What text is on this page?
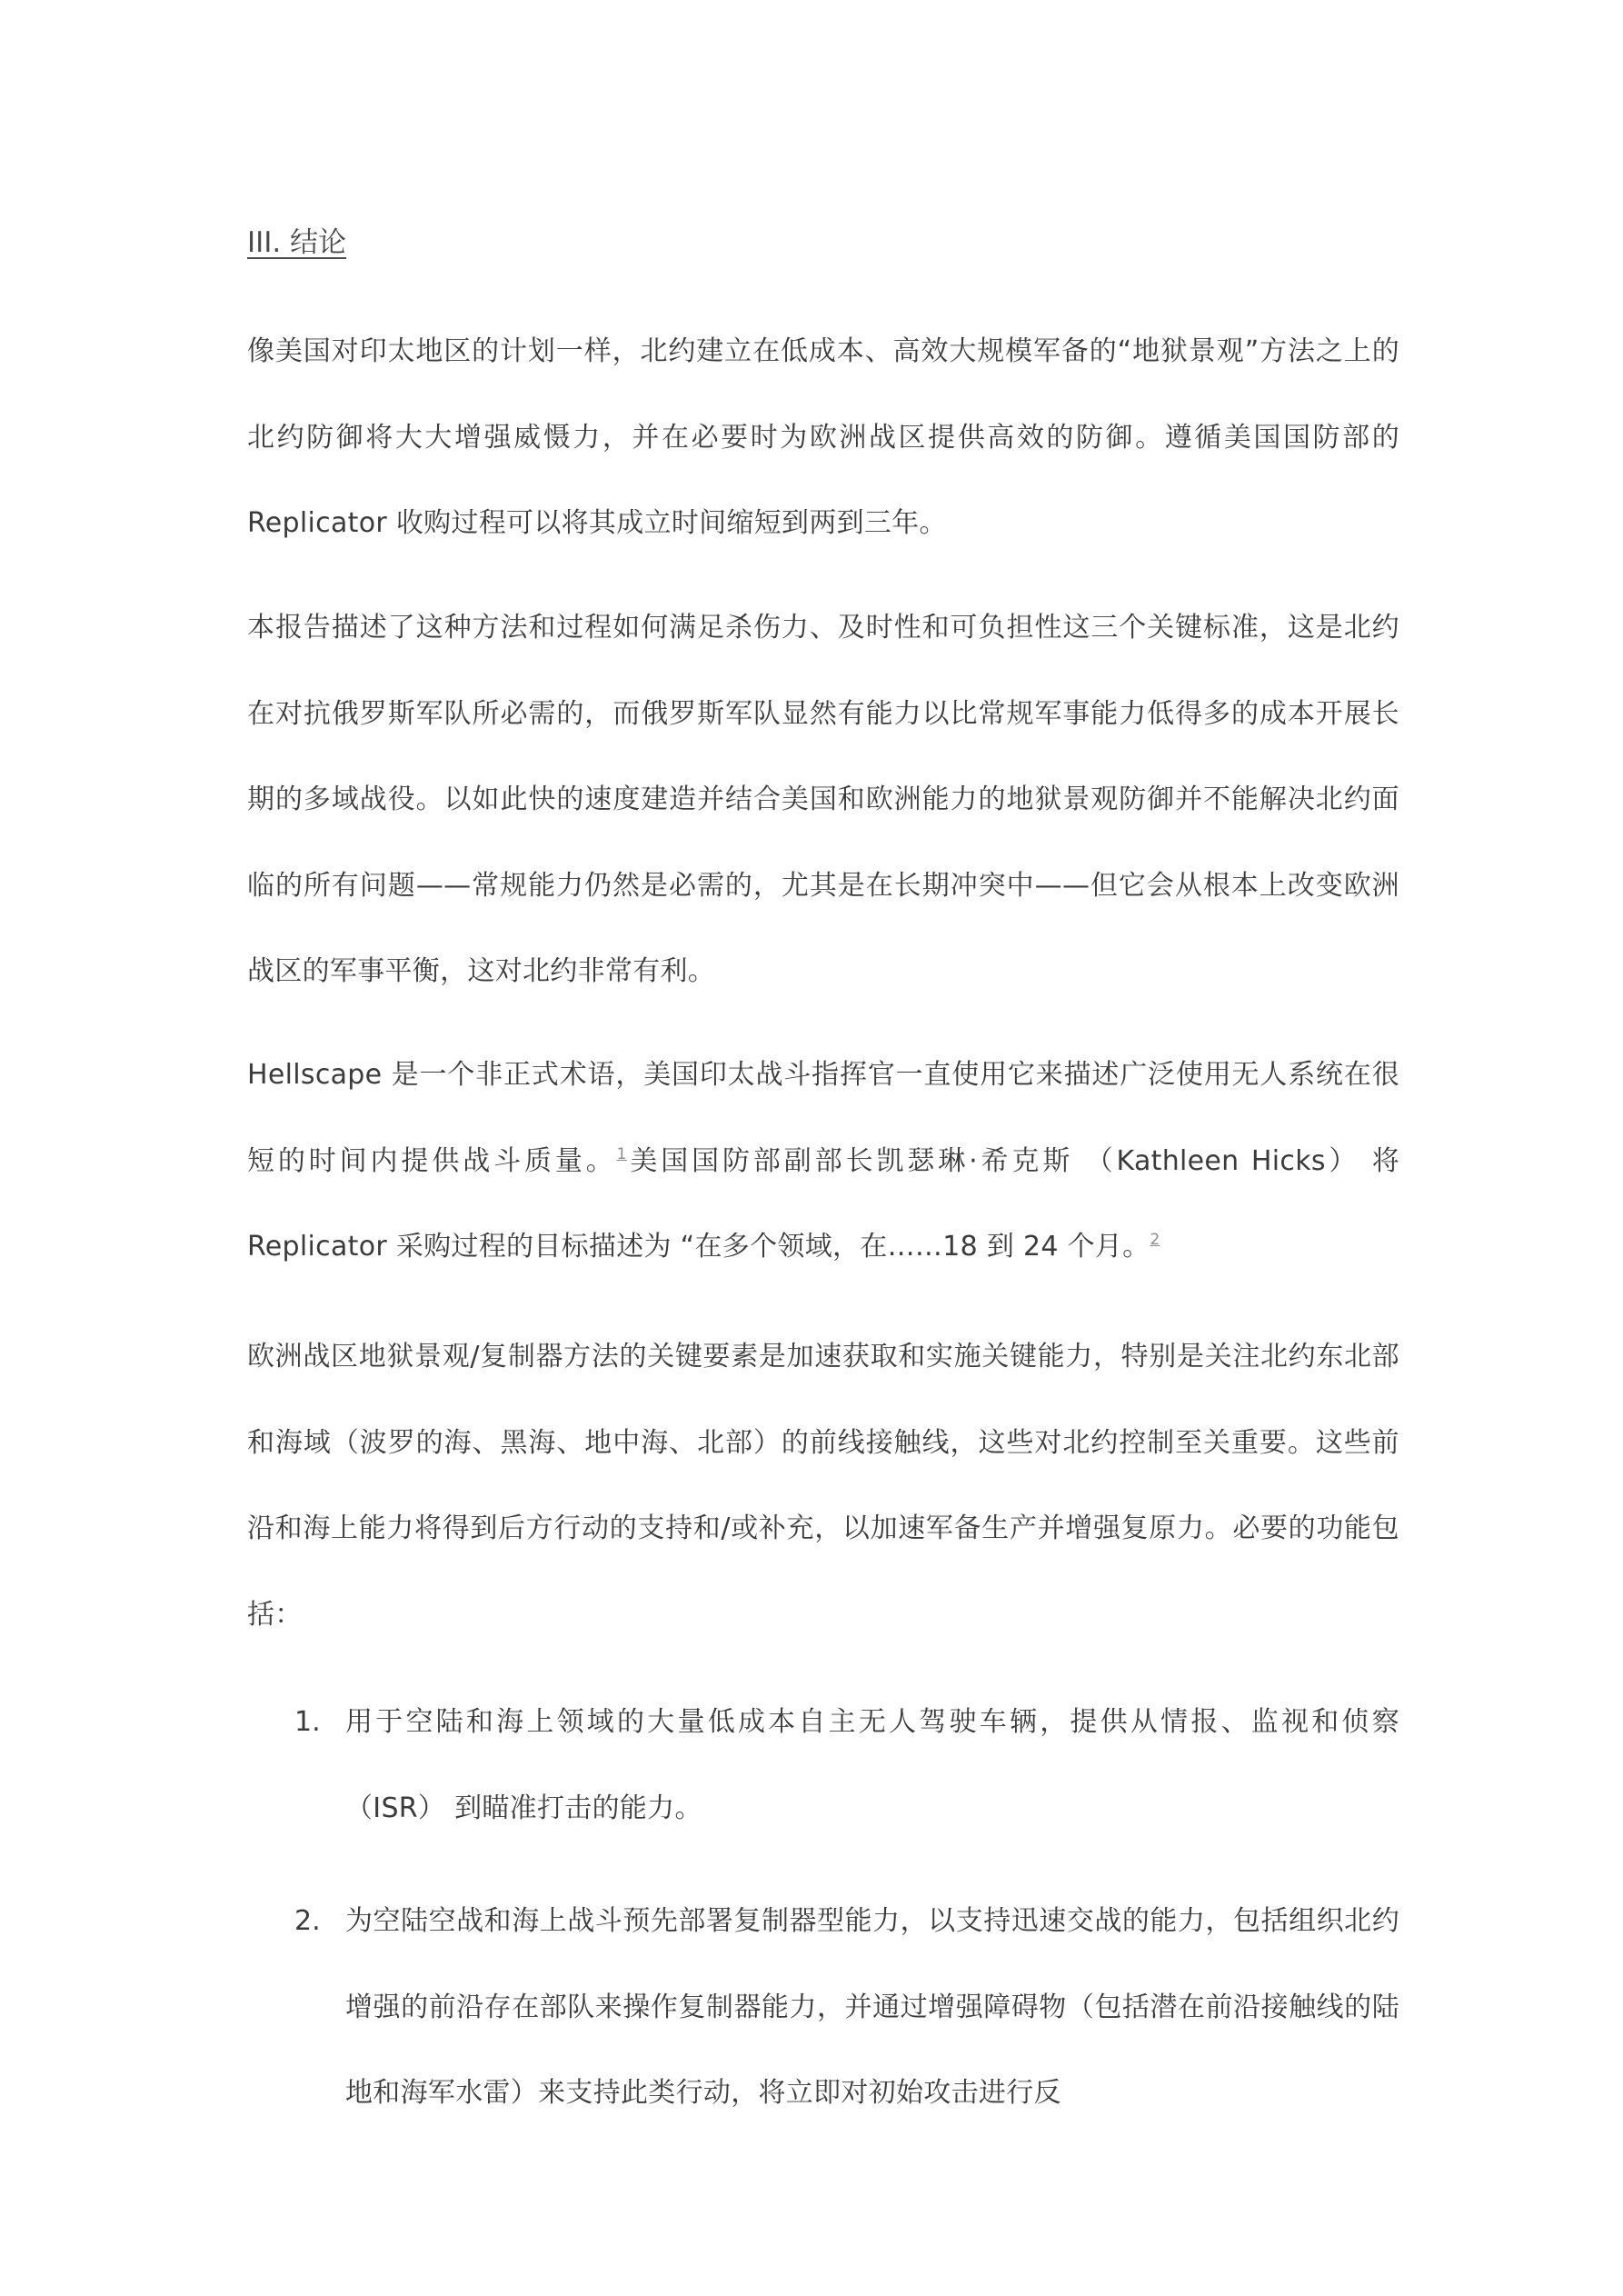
III. 结论

像美国对印太地区的计划一样，北约建立在低成本、高效大规模军备的“地狱景观”方法之上的北约防御将大大增强威慑力，并在必要时为欧洲战区提供高效的防御。遵循美国国防部的 Replicator 收购过程可以将其成立时间缩短到两到三年。

本报告描述了这种方法和过程如何满足杀伤力、及时性和可负担性这三个关键标准，这是北约在对抗俄罗斯军队所必需的，而俄罗斯军队显然有能力以比常规军事能力低得多的成本开展长期的多域战役。以如此快的速度建造并结合美国和欧洲能力的地狱景观防御并不能解决北约面临的所有问题——常规能力仍然是必需的，尤其是在长期冲突中——但它会从根本上改变欧洲战区的军事平衡，这对北约非常有利。

Hellscape 是一个非正式术语，美国印太战斗指挥官一直使用它来描述广泛使用无人系统在很短的时间内提供战斗质量。$^1$美国国防部副部长凯瑟琳·希克斯 （Kathleen Hicks） 将 Replicator 采购过程的目标描述为 “在多个领域，在……18 到 24 个月。$^2$

欧洲战区地狱景观/复制器方法的关键要素是加速获取和实施关键能力，特别是关注北约东北部和海域（波罗的海、黑海、地中海、北部）的前线接触线，这些对北约控制至关重要。这些前沿和海上能力将得到后方行动的支持和/或补充，以加速军备生产并增强复原力。必要的功能包括：

1. 用于空陆和海上领域的大量低成本自主无人驾驶车辆，提供从情报、监视和侦察 （ISR） 到瞄准打击的能力。
2. 为空陆空战和海上战斗预先部署复制器型能力，以支持迅速交战的能力，包括组织北约增强的前沿存在部队来操作复制器能力，并通过增强障碍物（包括潜在前沿接触线的陆地和海军水雷）来支持此类行动，将立即对初始攻击进行反
